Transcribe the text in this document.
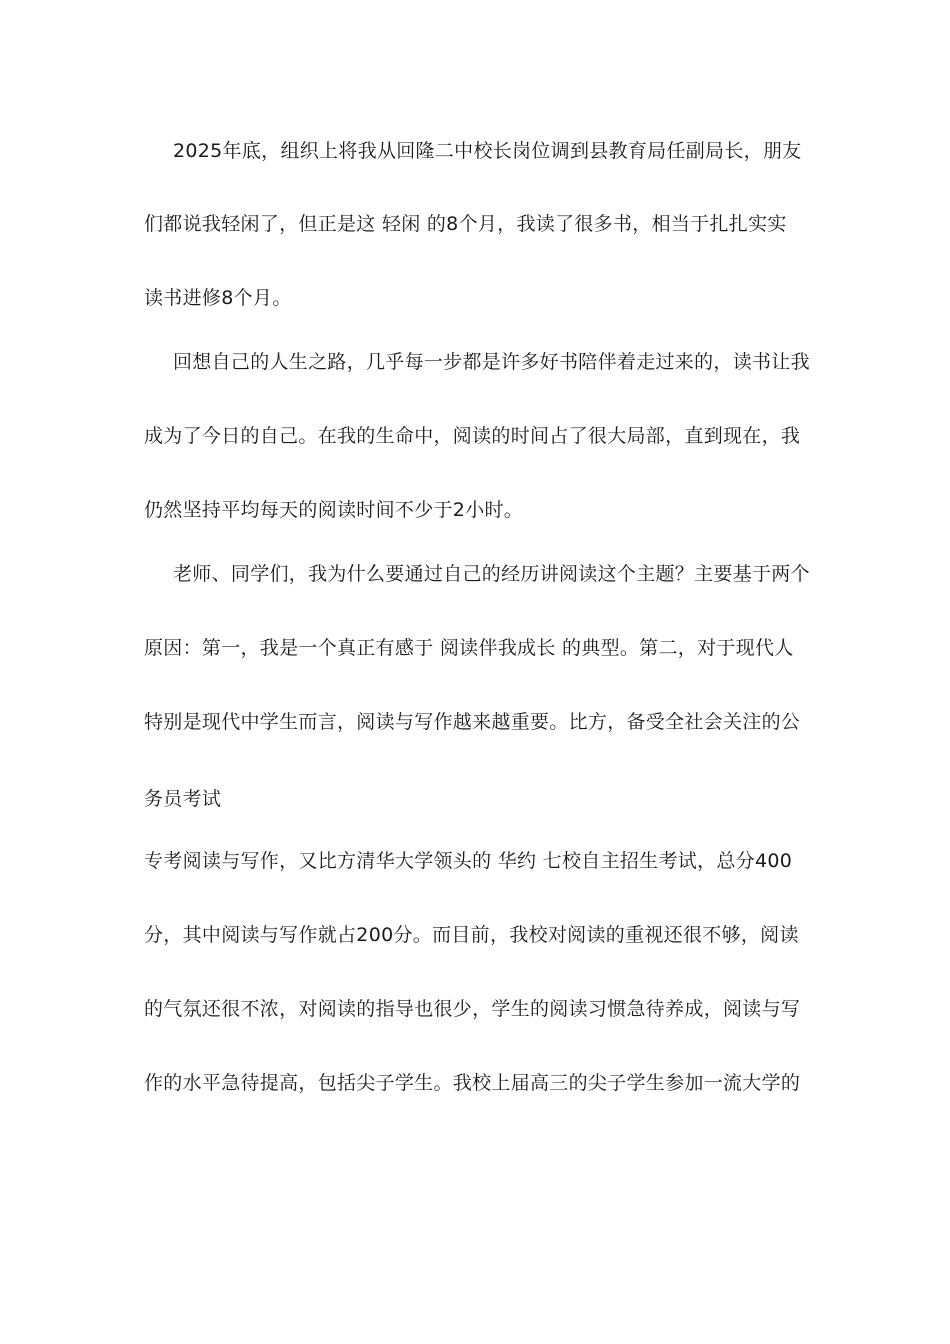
2025年底，组织上将我从回隆二中校长岗位调到县教育局任副局长，朋友
们都说我轻闲了，但正是这 轻闲 的8个月，我读了很多书，相当于扎扎实实
读书进修8个月。
回想自己的人生之路，几乎每一步都是许多好书陪伴着走过来的，读书让我
成为了今日的自己。在我的生命中，阅读的时间占了很大局部，直到现在，我
仍然坚持平均每天的阅读时间不少于2小时。
老师、同学们，我为什么要通过自己的经历讲阅读这个主题？主要基于两个
原因：第一，我是一个真正有感于 阅读伴我成长 的典型。第二，对于现代人
特别是现代中学生而言，阅读与写作越来越重要。比方，备受全社会关注的公
务员考试
专考阅读与写作，又比方清华大学领头的 华约 七校自主招生考试，总分400
分，其中阅读与写作就占200分。而目前，我校对阅读的重视还很不够，阅读
的气氛还很不浓，对阅读的指导也很少，学生的阅读习惯急待养成，阅读与写
作的水平急待提高，包括尖子学生。我校上届高三的尖子学生参加一流大学的
